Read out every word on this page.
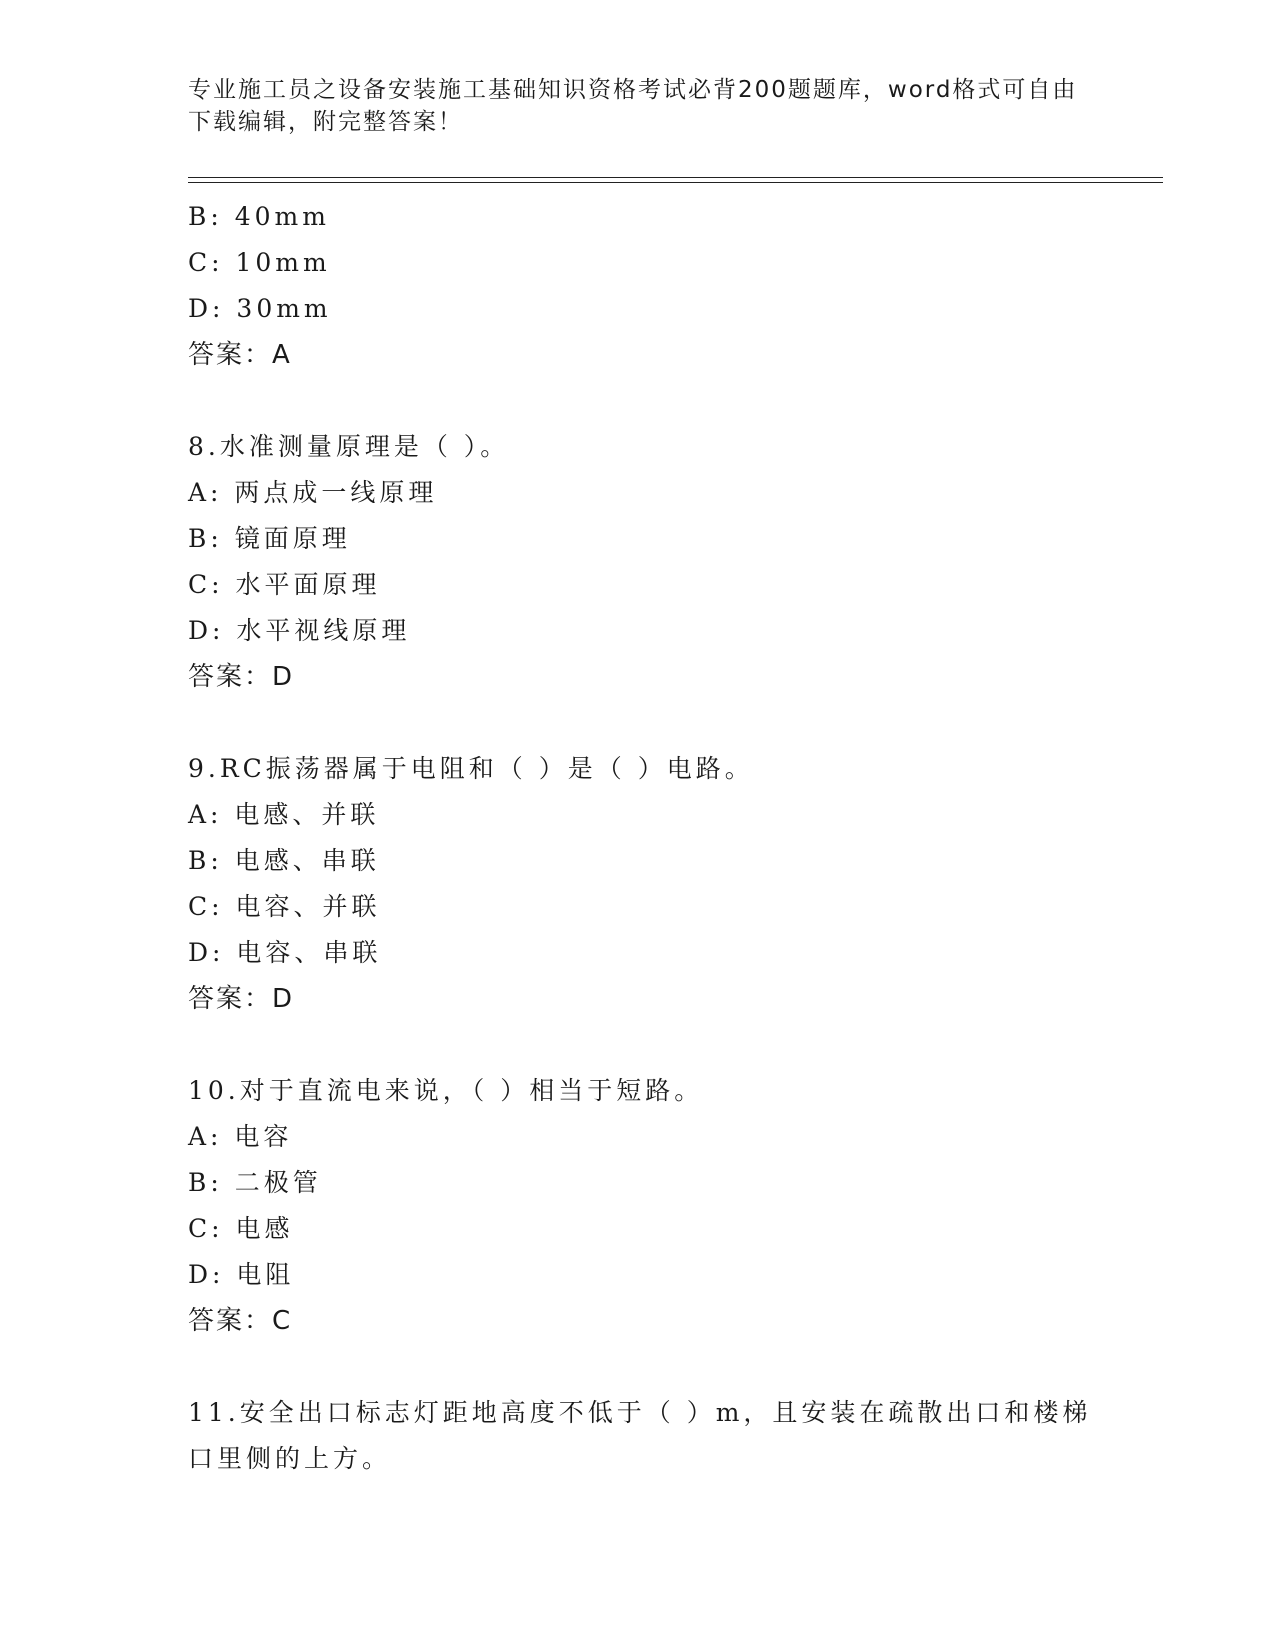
专业施工员之设备安装施工基础知识资格考试必背200题题库，word格式可自由
下载编辑，附完整答案！
B: 40mm
C: 10mm
D: 30mm
答案：A
8.水准测量原理是（ ）。
A: 两点成一线原理
B: 镜面原理
C: 水平面原理
D: 水平视线原理
答案：D
9.RC振荡器属于电阻和（ ）是（ ）电路。
A: 电感、并联
B: 电感、串联
C: 电容、并联
D: 电容、串联
答案：D
10.对于直流电来说，（ ）相当于短路。
A: 电容
B: 二极管
C: 电感
D: 电阻
答案：C
11.安全出口标志灯距地高度不低于（ ）m，且安装在疏散出口和楼梯
口里侧的上方。
